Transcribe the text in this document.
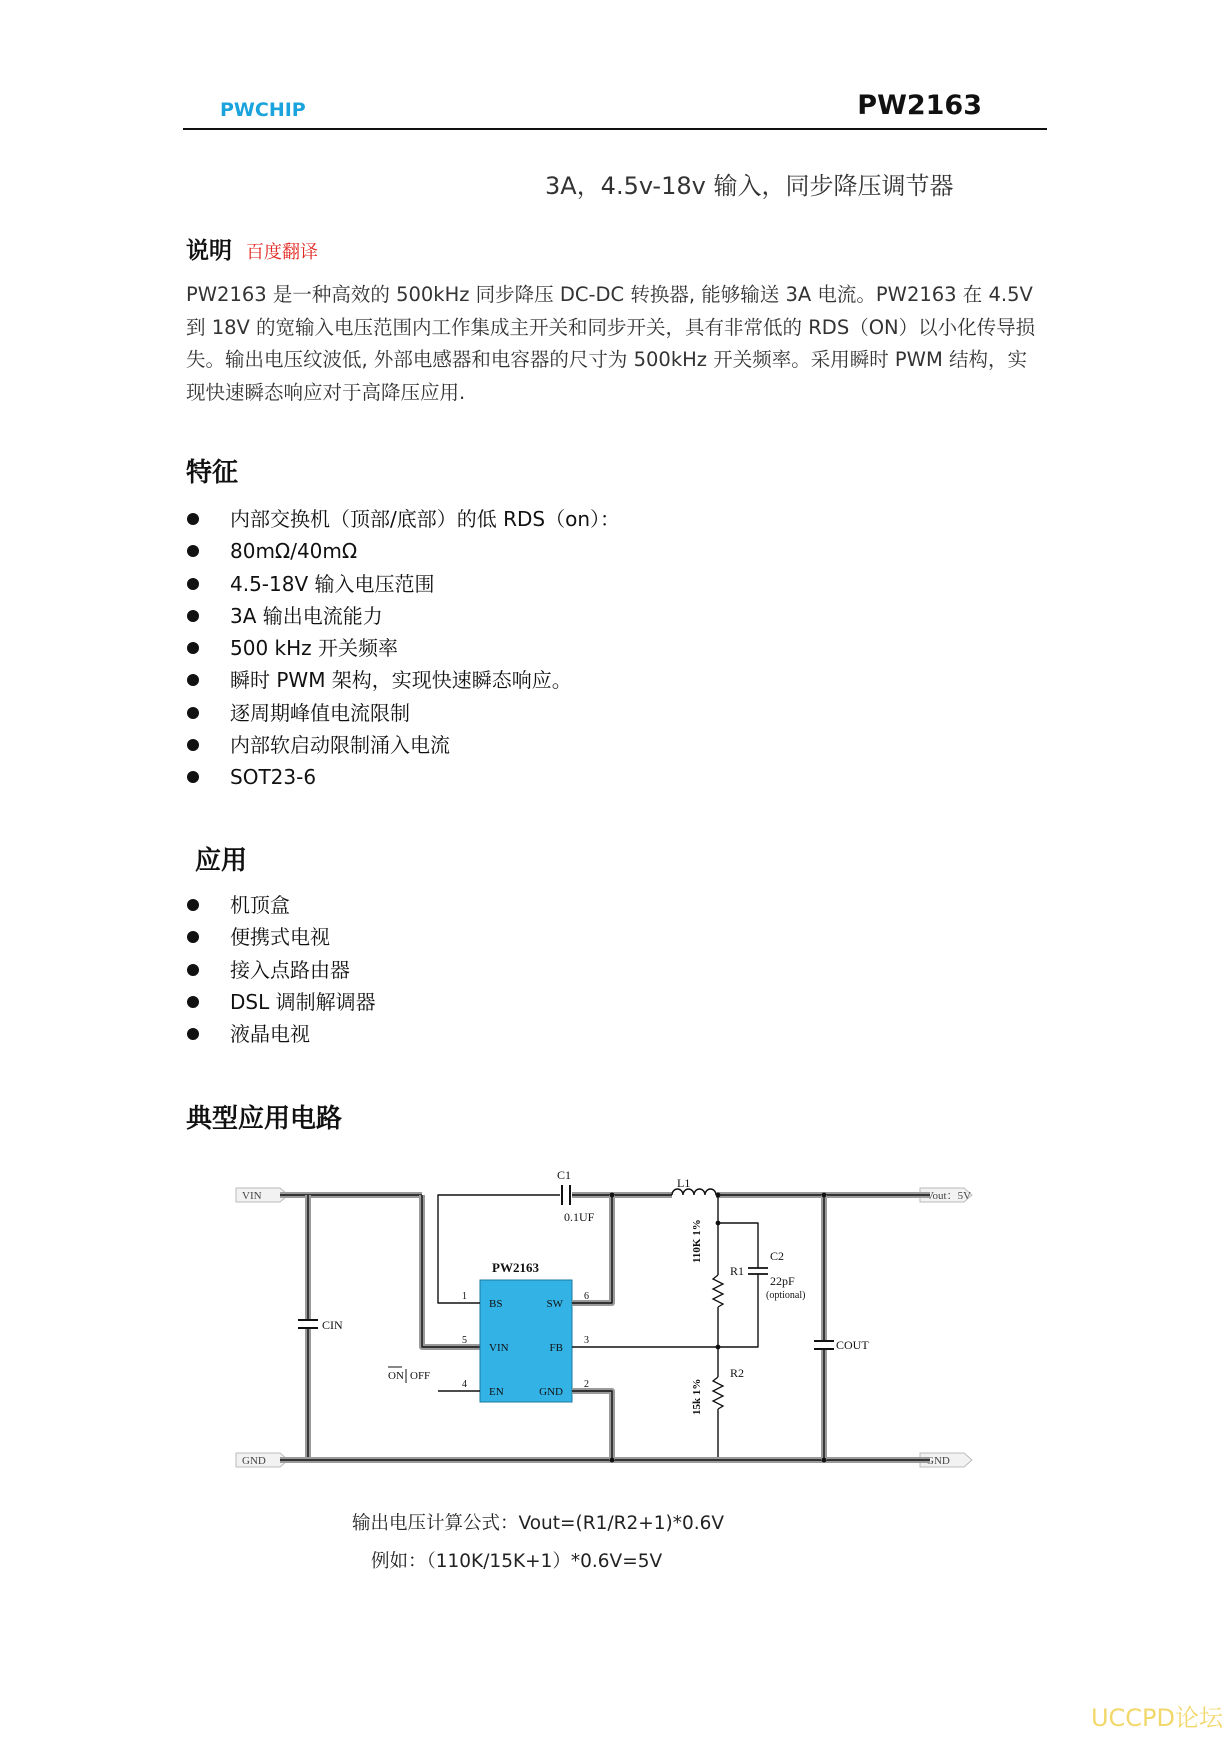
PWCHIP	PW2163
3A，4.5v-18v 输入，同步降压调节器
说明 百度翻译
PW2163 是一种高效的 500kHz 同步降压 DC-DC 转换器, 能够输送 3A 电流。PW2163 在 4.5V 到 18V 的宽输入电压范围内工作集成主开关和同步开关，具有非常低的 RDS（ON）以小化传导损失。输出电压纹波低, 外部电感器和电容器的尺寸为 500kHz 开关频率。采用瞬时 PWM 结构，实现快速瞬态响应对于高降压应用.
特征
内部交换机（顶部/底部）的低 RDS（on）：
80mΩ/40mΩ
4.5-18V 输入电压范围
3A 输出电流能力
500 kHz 开关频率
瞬时 PWM 架构，实现快速瞬态响应。
逐周期峰值电流限制
内部软启动限制涌入电流
SOT23-6
应用
机顶盒
便携式电视
接入点路由器
DSL 调制解调器
液晶电视
典型应用电路
VIN
GND	GND
Vout：5V
CIN
PW2163
BS
1
VIN
5
EN
4
SW
6
FB
3
GND
2
C1
0.1UF
L1
110K 1%
R1
C2
22pF
(optional)
15k 1%
R2
ON OFF
COUT
输出电压计算公式：Vout=(R1/R2+1)*0.6V
例如：（110K/15K+1）*0.6V=5V
UCCPD论坛
